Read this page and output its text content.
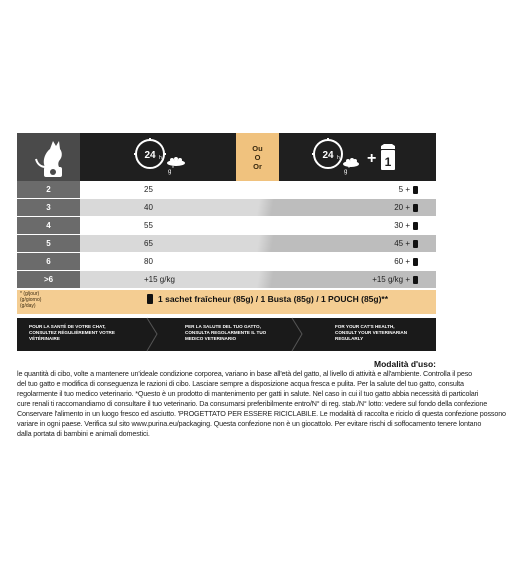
24 h
g *
Ou
O
Or
24 h
g *
+ 1
2	25	5 +
3	40	20 +
4	55	30 +
5	65	45 +
6	80	60 +
>6	+15 g/kg	+15 g/kg +
* (g/jour)
(g/giorno)
(g/day)
1 sachet fraîcheur (85g) / 1 Busta (85g) / 1 POUCH (85g)**
POUR LA SANTÉ DE VOTRE CHAT,
CONSULTEZ RÉGULIÈREMENT VOTRE
VÉTÉRINAIRE
PER LA SALUTE DEL TUO GATTO,
CONSULTA REGOLARMENTE IL TUO
MEDICO VETERINARIO
FOR YOUR CAT'S HEALTH,
CONSULT YOUR VETERINARIAN
REGULARLY
Modalità d'uso:
le quantità di cibo, volte a mantenere un'ideale condizione corporea, variano in base all'età del gatto, al livello di attività e all'ambiente. Controlla il peso
del tuo gatto e modifica di conseguenza le razioni di cibo. Lasciare sempre a disposizione acqua fresca e pulita. Per la salute del tuo gatto, consulta
regolarmente il tuo medico veterinario. *Questo è un prodotto di mantenimento per gatti in salute. Nel caso in cui il tuo gatto abbia necessità di particolari
cure renali ti raccomandiamo di consultare il tuo veterinario. Da consumarsi preferibilmente entro/N° di reg. stab./N° lotto: vedere sul fondo della confezione
Conservare l'alimento in un luogo fresco ed asciutto. 'PROGETTATO PER ESSERE RICICLABILE. Le modalità di raccolta e riciclo di questa confezione possono
variare in ogni paese. Verifica sul sito www.purina.eu/packaging. Questa confezione non è un giocattolo. Per evitare rischi di soffocamento tenere lontano
dalla portata di bambini e animali domestici.
